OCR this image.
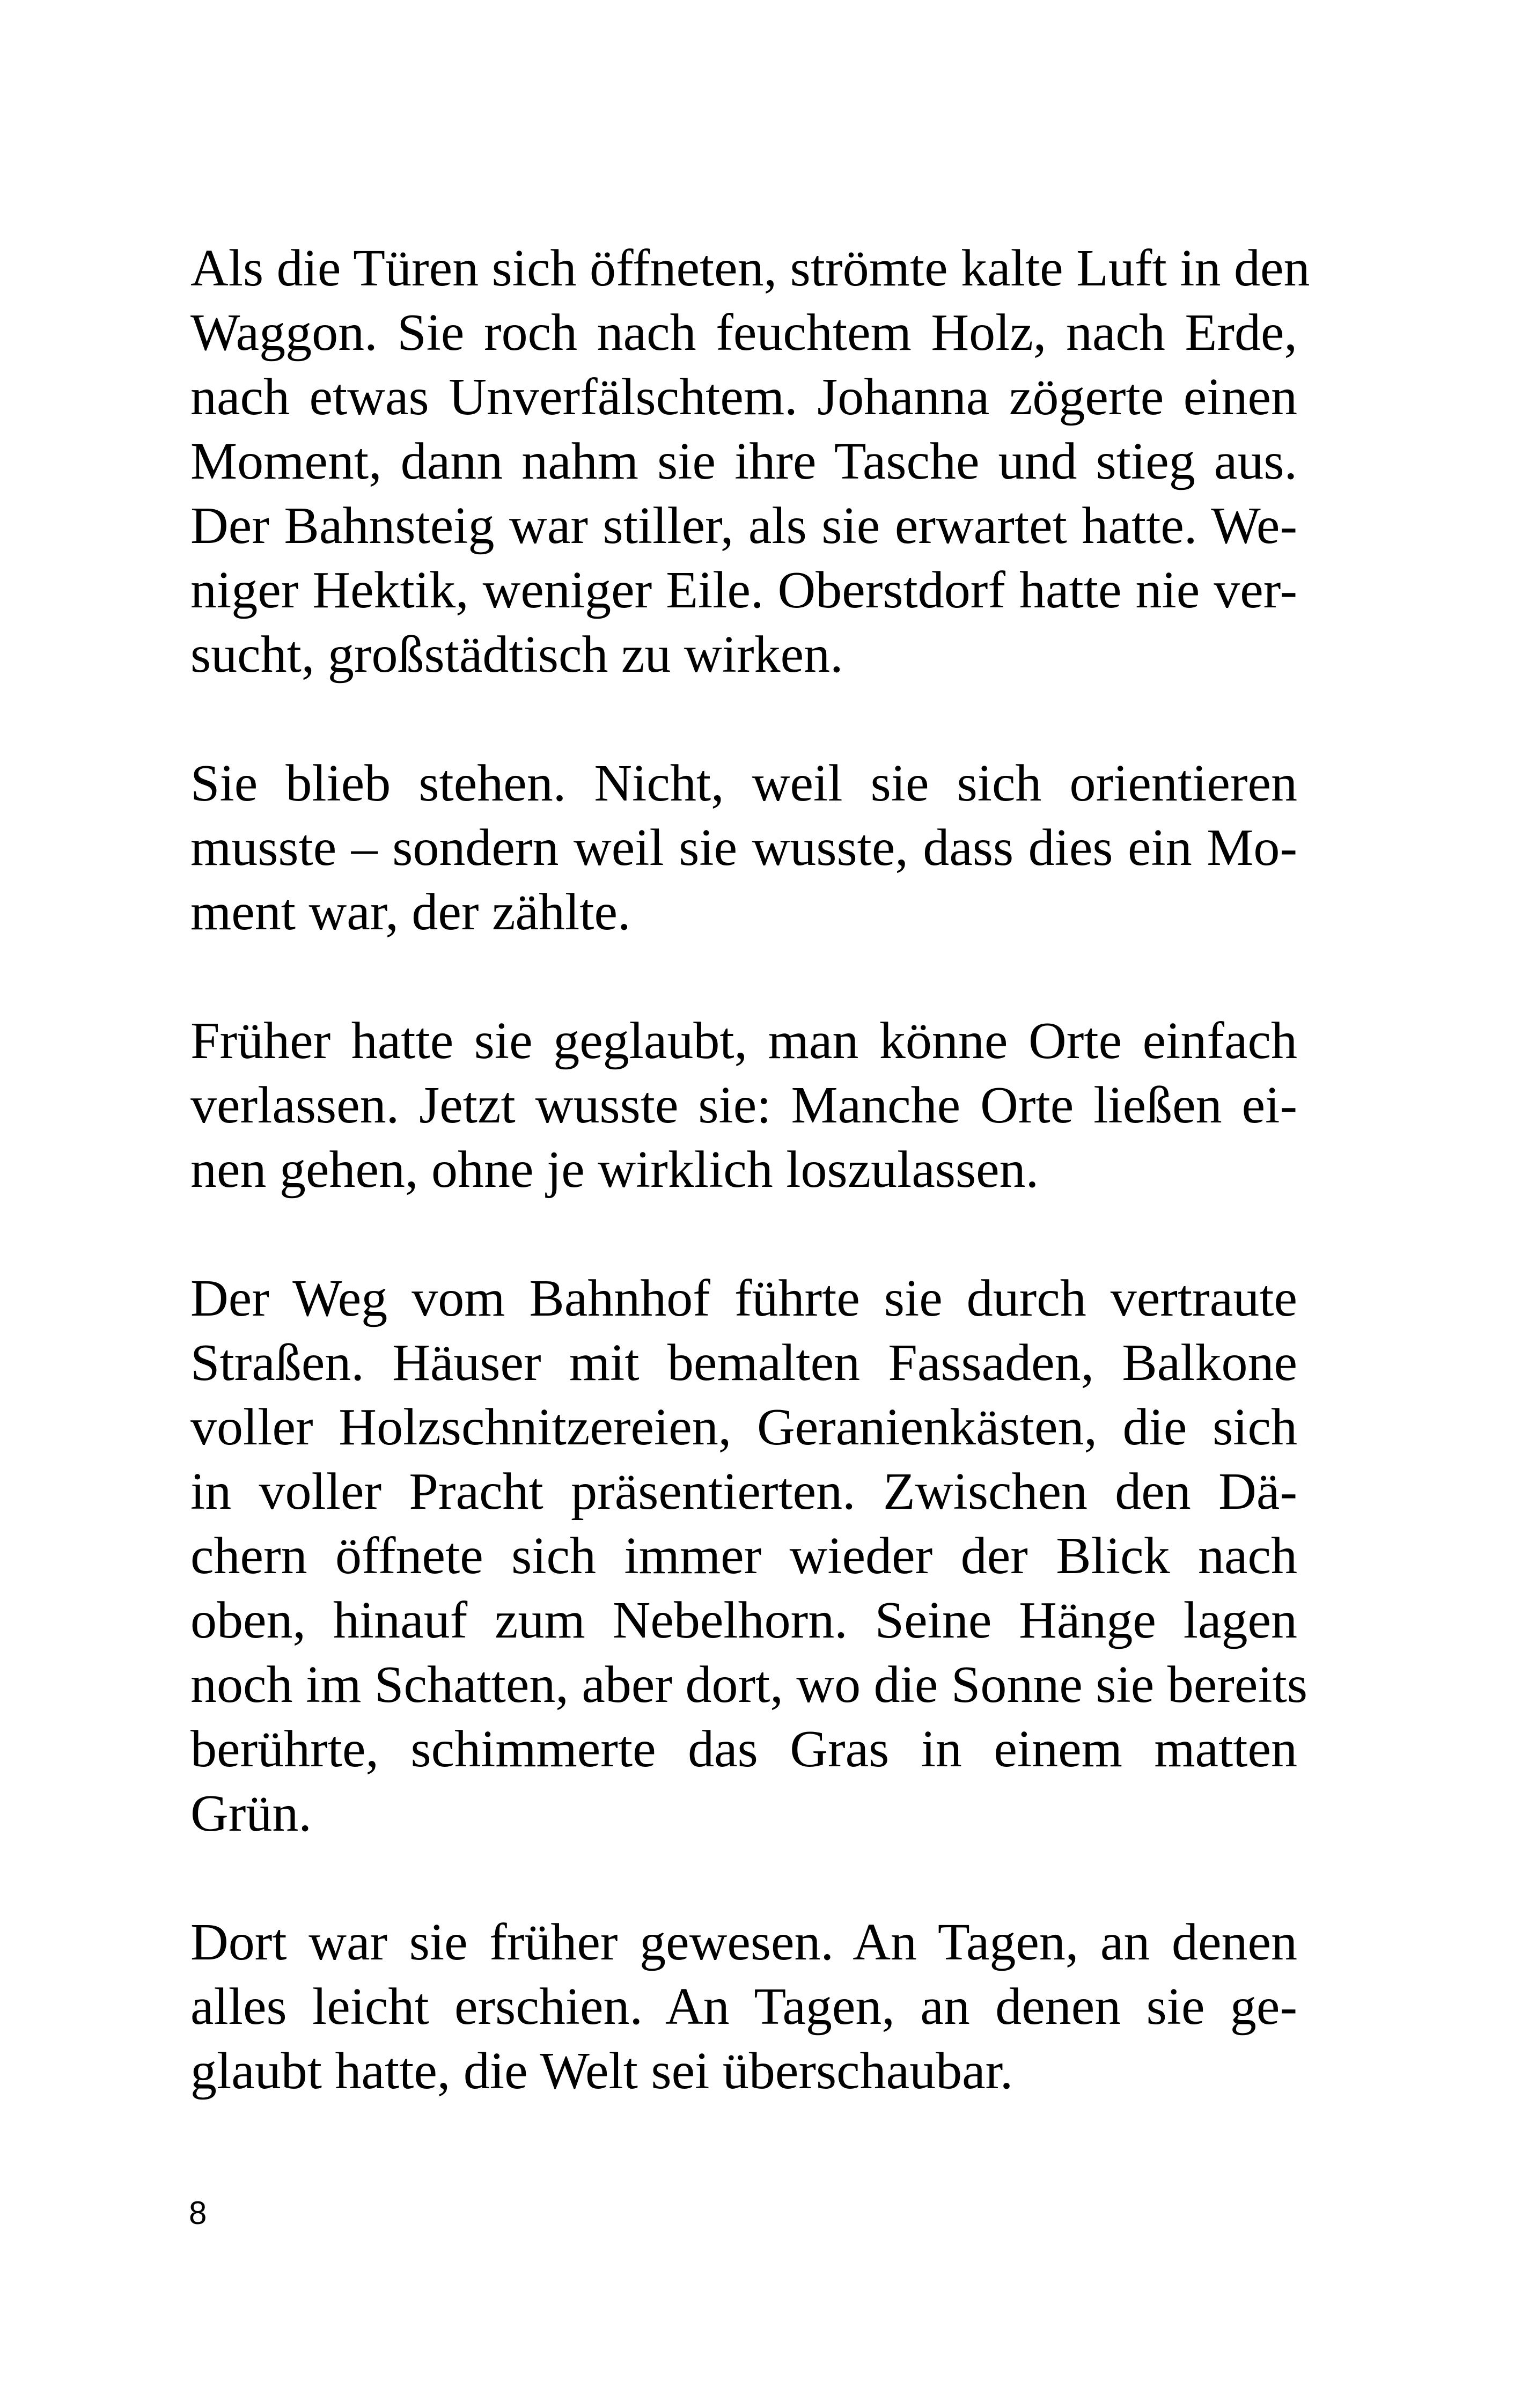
Als die Türen sich öffneten, strömte kalte Luft in den
Waggon. Sie roch nach feuchtem Holz, nach Erde,
nach etwas Unverfälschtem. Johanna zögerte einen
Moment, dann nahm sie ihre Tasche und stieg aus.
Der Bahnsteig war stiller, als sie erwartet hatte. We-
niger Hektik, weniger Eile. Oberstdorf hatte nie ver-
sucht, großstädtisch zu wirken.

Sie blieb stehen. Nicht, weil sie sich orientieren
musste – sondern weil sie wusste, dass dies ein Mo-
ment war, der zählte.

Früher hatte sie geglaubt, man könne Orte einfach
verlassen. Jetzt wusste sie: Manche Orte ließen ei-
nen gehen, ohne je wirklich loszulassen.

Der Weg vom Bahnhof führte sie durch vertraute
Straßen. Häuser mit bemalten Fassaden, Balkone
voller Holzschnitzereien, Geranienkästen, die sich
in voller Pracht präsentierten. Zwischen den Dä-
chern öffnete sich immer wieder der Blick nach
oben, hinauf zum Nebelhorn. Seine Hänge lagen
noch im Schatten, aber dort, wo die Sonne sie bereits
berührte, schimmerte das Gras in einem matten
Grün.

Dort war sie früher gewesen. An Tagen, an denen
alles leicht erschien. An Tagen, an denen sie ge-
glaubt hatte, die Welt sei überschaubar.

8
